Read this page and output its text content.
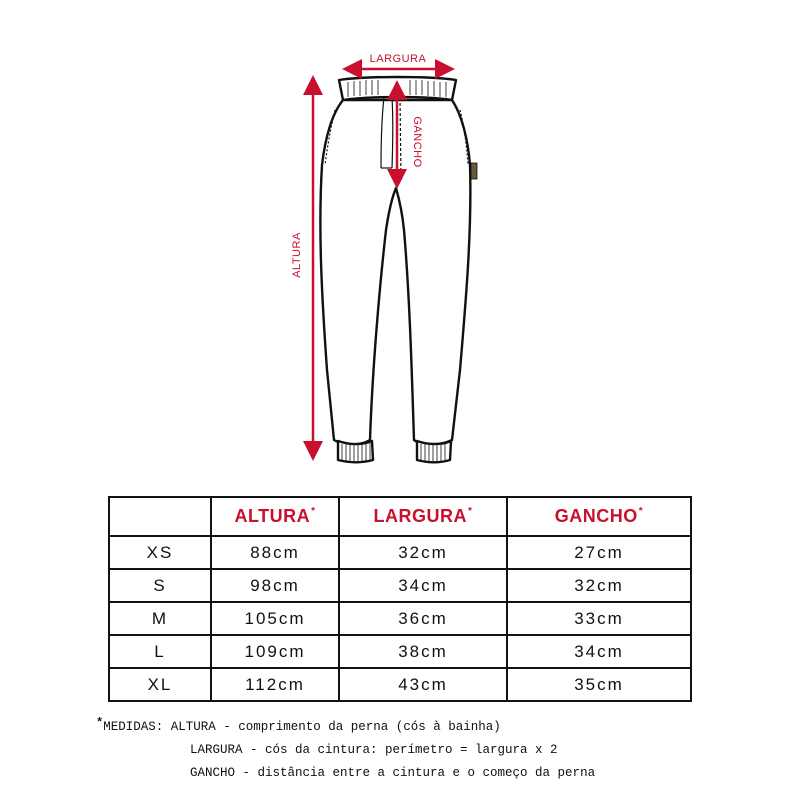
LARGURA
GANCHO
ALTURA
	ALTURA*	LARGURA*	GANCHO*
XS	88cm	32cm	27cm
S	98cm	34cm	32cm
M	105cm	36cm	33cm
L	109cm	38cm	34cm
XL	112cm	43cm	35cm
*MEDIDAS: ALTURA - comprimento da perna (cós à bainha)
LARGURA - cós da cintura: perímetro = largura x 2
GANCHO - distância entre a cintura e o começo da perna
